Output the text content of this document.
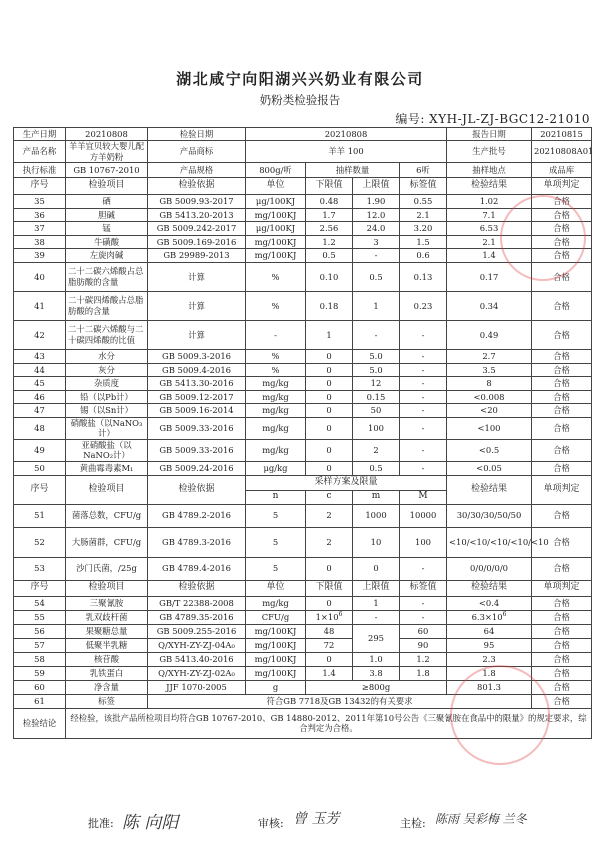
湖北咸宁向阳湖兴兴奶业有限公司
奶粉类检验报告
编号: XYH-JL-ZJ-BGC12-21010
生产日期	20210808	检验日期	20210808				报告日期	20210815
产品名称	羊羊宜贝较大婴儿配方羊奶粉	产品商标	羊羊 100				生产批号	20210808A01
执行标准	GB 10767-2010	产品规格	800g/听	抽样数量		6听	抽样地点	成品库
序号	检验项目	检验依据	单位	下限值	上限值	标签值	检验结果	单项判定
35	硒	GB 5009.93-2017	μg/100KJ	0.48	1.90	0.55	1.02	合格
36	胆碱	GB 5413.20-2013	mg/100KJ	1.7	12.0	2.1	7.1	合格
37	锰	GB 5009.242-2017	μg/100KJ	2.56	24.0	3.20	6.53	合格
38	牛磺酸	GB 5009.169-2016	mg/100KJ	1.2	3	1.5	2.1	合格
39	左旋肉碱	GB 29989-2013	mg/100KJ	0.5	-	0.6	1.4	合格
40	二十二碳六烯酸占总脂肪酸的含量	计算	%	0.10	0.5	0.13	0.17	合格
41	二十碳四烯酸占总脂肪酸的含量	计算	%	0.18	1	0.23	0.34	合格
42	二十二碳六烯酸与二十碳四烯酸的比值	计算	-	1	-	-	0.49	合格
43	水分	GB 5009.3-2016	%	0	5.0	-	2.7	合格
44	灰分	GB 5009.4-2016	%	0	5.0	-	3.5	合格
45	杂质度	GB 5413.30-2016	mg/kg	0	12	-	8	合格
46	铅（以Pb计）	GB 5009.12-2017	mg/kg	0	0.15	-	<0.008	合格
47	锡（以Sn计）	GB 5009.16-2014	mg/kg	0	50	-	<20	合格
48	硝酸盐（以NaNO₃计）	GB 5009.33-2016	mg/kg	0	100	-	<100	合格
49	亚硝酸盐（以NaNO₂计）	GB 5009.33-2016	mg/kg	0	2	-	<0.5	合格
50	黄曲霉毒素M₁	GB 5009.24-2016	μg/kg	0	0.5	-	<0.05	合格
序号	检验项目	检验依据	采样方案及限量				检验结果	单项判定
			n	c	m	M		
51	菌落总数，CFU/g	GB 4789.2-2016	5	2	1000	10000	30/30/30/50/50	合格
52	大肠菌群，CFU/g	GB 4789.3-2016	5	2	10	100	<10/<10/<10/<10/<10	合格
53	沙门氏菌，/25g	GB 4789.4-2016	5	0	0	-	0/0/0/0/0	合格
序号	检验项目	检验依据	单位	下限值	上限值	标签值	检验结果	单项判定
54	三聚氰胺	GB/T 22388-2008	mg/kg	0	1	-	<0.4	合格
55	乳双歧杆菌	GB 4789.35-2016	CFU/g	$1\times 10^6$	-	-	$6.3\times 10^6$	合格
56	果聚糖总量	GB 5009.255-2016	mg/100KJ	48	295	60	64	合格
57	低聚半乳糖	Q/XYH-ZY-ZJ-04A₀	mg/100KJ	72		90	95	合格
58	核苷酸	GB 5413.40-2016	mg/100KJ	0	1.0	1.2	2.3	合格
59	乳铁蛋白	Q/XYH-ZY-ZJ-02A₀	mg/100KJ	1.4	3.8	1.8	1.8	合格
60	净含量	JJF 1070-2005	g	≥800g			801.3	合格
61	标签	符合GB 7718及GB 13432的有关要求						合格
检验结论	经检验，该批产品所检项目均符合GB 10767-2010、GB 14880-2012、2011年第10号公告《三聚氰胺在食品中的限量》的规定要求，综合判定为合格。							
批准: 陈 向阳	审核: 曾 玉芳	主检: 陈雨 吴彩梅 兰冬
